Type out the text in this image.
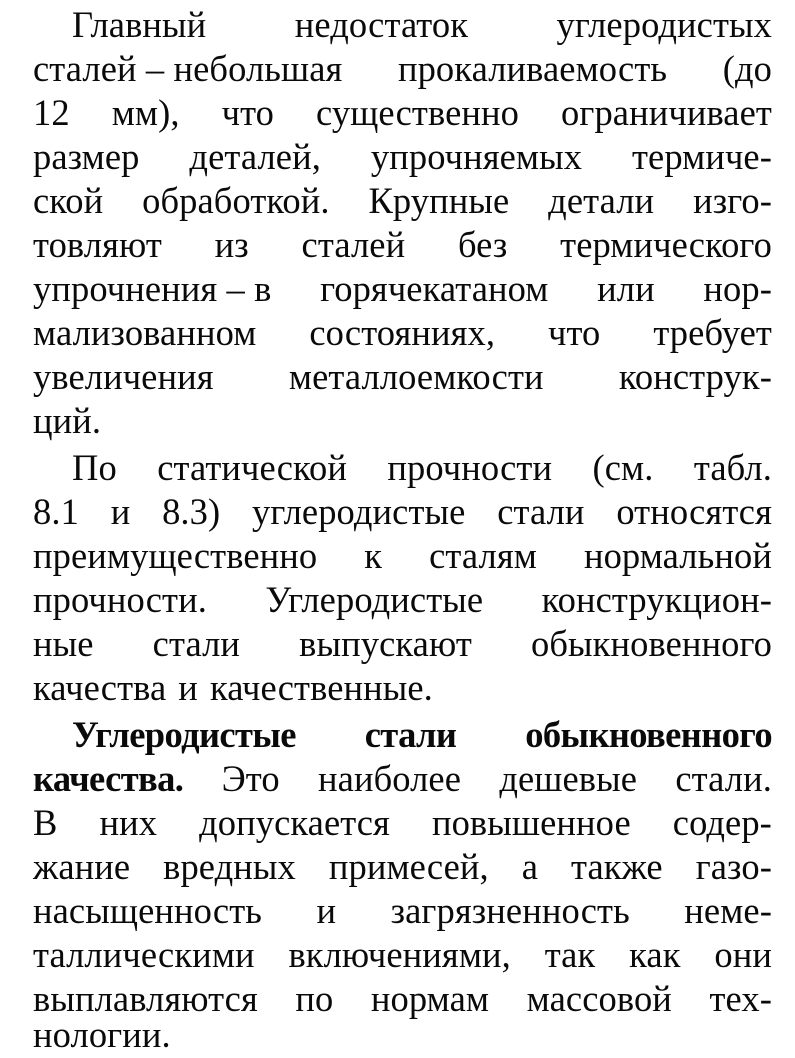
Главный недостаток углеродистых
сталей – небольшая прокаливаемость (до
12 мм), что существенно ограничивает
размер деталей, упрочняемых термиче-
ской обработкой. Крупные детали изго-
товляют из сталей без термического
упрочнения – в горячекатаном или нор-
мализованном состояниях, что требует
увеличения металлоемкости конструк-
ций.
По статической прочности (см. табл.
8.1 и 8.3) углеродистые стали относятся
преимущественно к сталям нормальной
прочности. Углеродистые конструкцион-
ные стали выпускают обыкновенного
качества и качественные.
Углеродистые стали обыкновенного
качества. Это наиболее дешевые стали.
В них допускается повышенное содер-
жание вредных примесей, а также газо-
насыщенность и загрязненность неме-
таллическими включениями, так как они
выплавляются по нормам массовой тех-
нологии.
